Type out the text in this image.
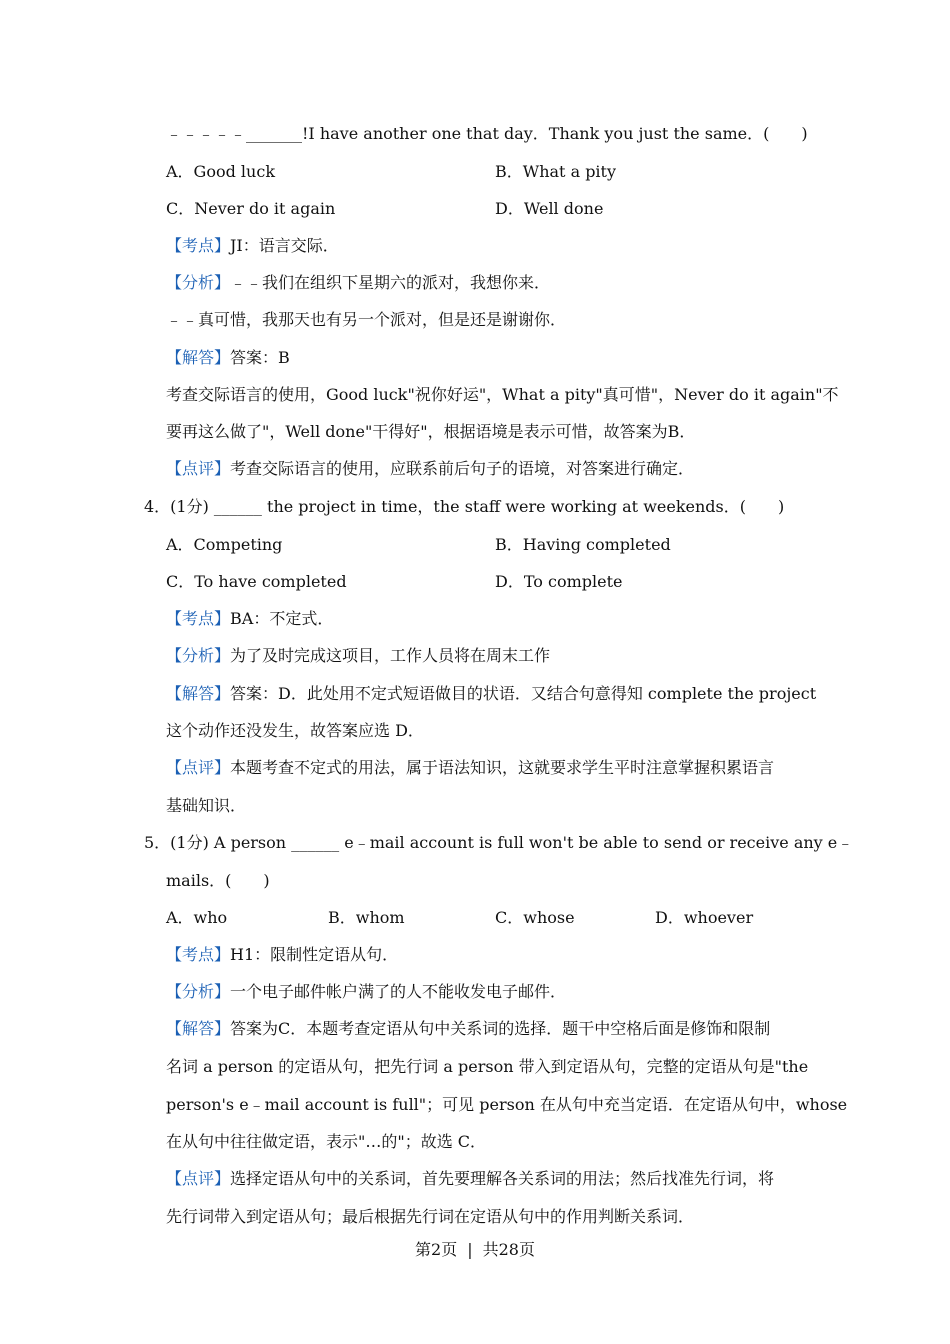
﹣﹣﹣﹣﹣_______!I have another one that day．Thank you just the same．(　　)
A．Good luck	B．What a pity
C．Never do it again	D．Well done
【考点】JI：语言交际．
【分析】﹣﹣我们在组织下星期六的派对，我想你来．
﹣﹣真可惜，我那天也有另一个派对，但是还是谢谢你．
【解答】答案：B
考查交际语言的使用，Good luck"祝你好运"，What a pity"真可惜"，Never do it again"不
要再这么做了"，Well done"干得好"，根据语境是表示可惜，故答案为B．
【点评】考查交际语言的使用，应联系前后句子的语境，对答案进行确定．
4．(1分) ______ the project in time，the staff were working at weekends．(　　)
A．Competing	B．Having completed
C．To have completed	D．To complete
【考点】BA：不定式．
【分析】为了及时完成这项目，工作人员将在周末工作
【解答】答案：D．此处用不定式短语做目的状语．又结合句意得知 complete the project
这个动作还没发生，故答案应选 D．
【点评】本题考查不定式的用法，属于语法知识，这就要求学生平时注意掌握积累语言
基础知识．
5．(1分) A person ______ e﹣mail account is full won't be able to send or receive any e﹣
mails．(　　)
A．who	B．whom	C．whose	D．whoever
【考点】H1：限制性定语从句．
【分析】一个电子邮件帐户满了的人不能收发电子邮件．
【解答】答案为C．本题考查定语从句中关系词的选择．题干中空格后面是修饰和限制
名词 a person 的定语从句，把先行词 a person 带入到定语从句，完整的定语从句是"the
person's e﹣mail account is full"；可见 person 在从句中充当定语．在定语从句中，whose
在从句中往往做定语，表示"…的"；故选 C．
【点评】选择定语从句中的关系词，首先要理解各关系词的用法；然后找准先行词，将
先行词带入到定语从句；最后根据先行词在定语从句中的作用判断关系词．
第2页 | 共28页
